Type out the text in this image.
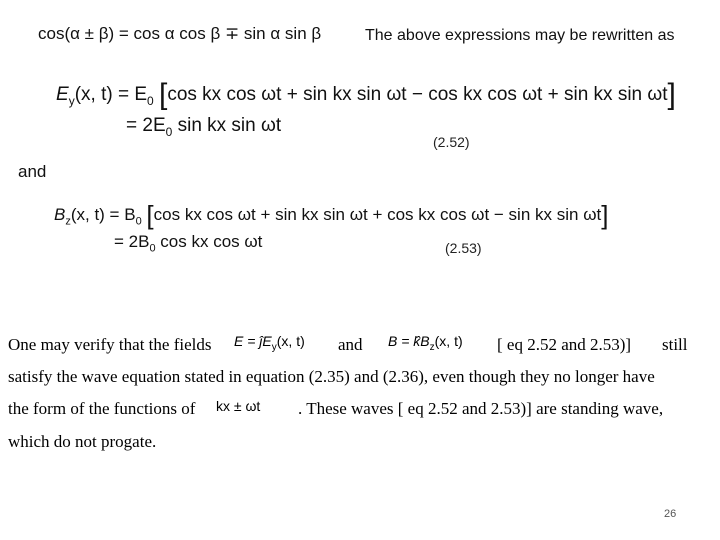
cos(α ± β) = cos α cos β ∓ sin α sin β	The above expressions may be rewritten as
$E_y(x$, $t) = E_0$ [cos kx cos ωt + sin kx sin ωt − cos kx cos ωt + sin kx sin ωt]
= $2E_0$ sin kx sin ωt
(2.52)
and
$B_z(x$, $t) = B_0$ [cos kx cos ωt + sin kx sin ωt + cos kx cos ωt − sin kx sin ωt]
= $2B_0$ cos kx cos ωt	(2.53)
One may verify that the fields $E = ĵE_y(x$, t) and $B = k̂B_z(x$, t) [ eq 2.52 and 2.53)] still
satisfy the wave equation stated in equation (2.35) and (2.36), even though they no longer have
the form of the functions of kx ± ωt . These waves [ eq 2.52 and 2.53)] are standing wave,
which do not progate.
26
